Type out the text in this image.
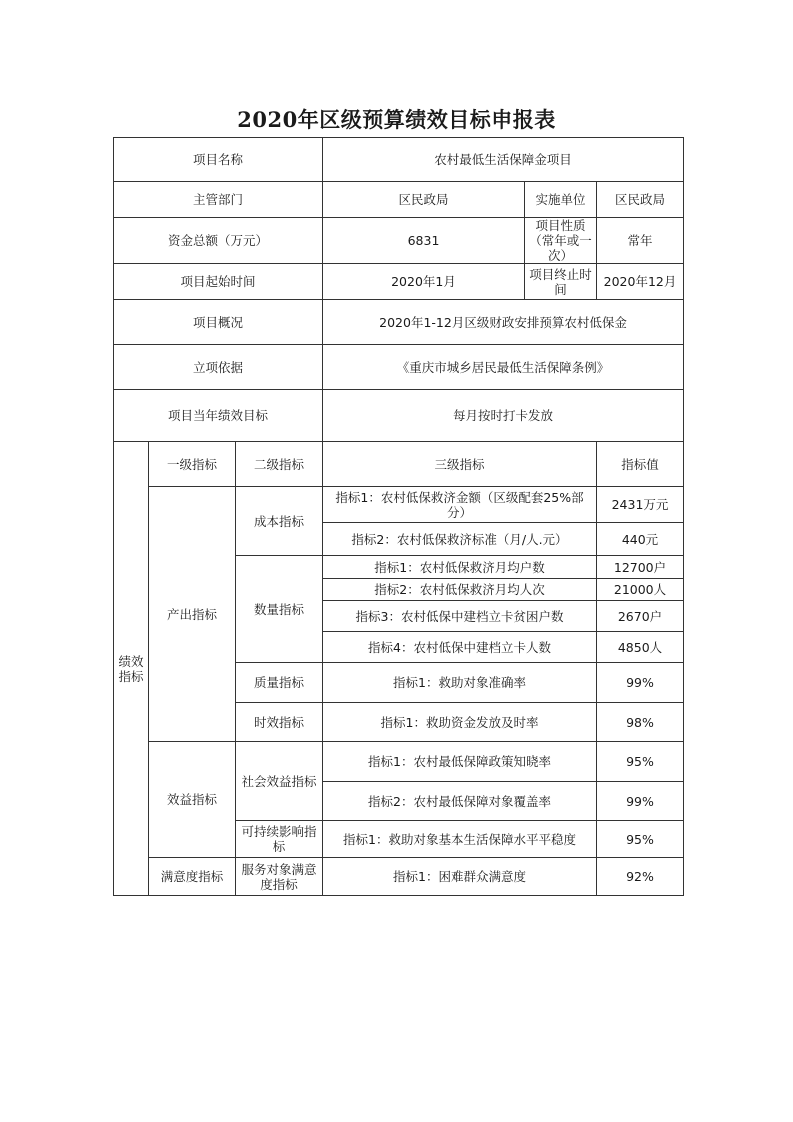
2020年区级预算绩效目标申报表
项目名称			农村最低生活保障金项目		
主管部门			区民政局	实施单位	区民政局
资金总额（万元）			6831	项目性质（常年或一次）	常年
项目起始时间			2020年1月	项目终止时间	2020年12月
项目概况			2020年1-12月区级财政安排预算农村低保金		
立项依据			《重庆市城乡居民最低生活保障条例》		
项目当年绩效目标			每月按时打卡发放		
绩效指标	一级指标	二级指标	三级指标		指标值
	产出指标	成本指标	指标1：农村低保救济金额（区级配套25%部分）		2431万元
			指标2：农村低保救济标准（月/人.元）		440元
		数量指标	指标1：农村低保救济月均户数		12700户
			指标2：农村低保救济月均人次		21000人
			指标3：农村低保中建档立卡贫困户数		2670户
			指标4：农村低保中建档立卡人数		4850人
		质量指标	指标1：救助对象准确率		99%
		时效指标	指标1：救助资金发放及时率		98%
	效益指标	社会效益指标	指标1：农村最低保障政策知晓率		95%
			指标2：农村最低保障对象覆盖率		99%
		可持续影响指标	指标1：救助对象基本生活保障水平平稳度		95%
	满意度指标	服务对象满意度指标	指标1：困难群众满意度		92%
